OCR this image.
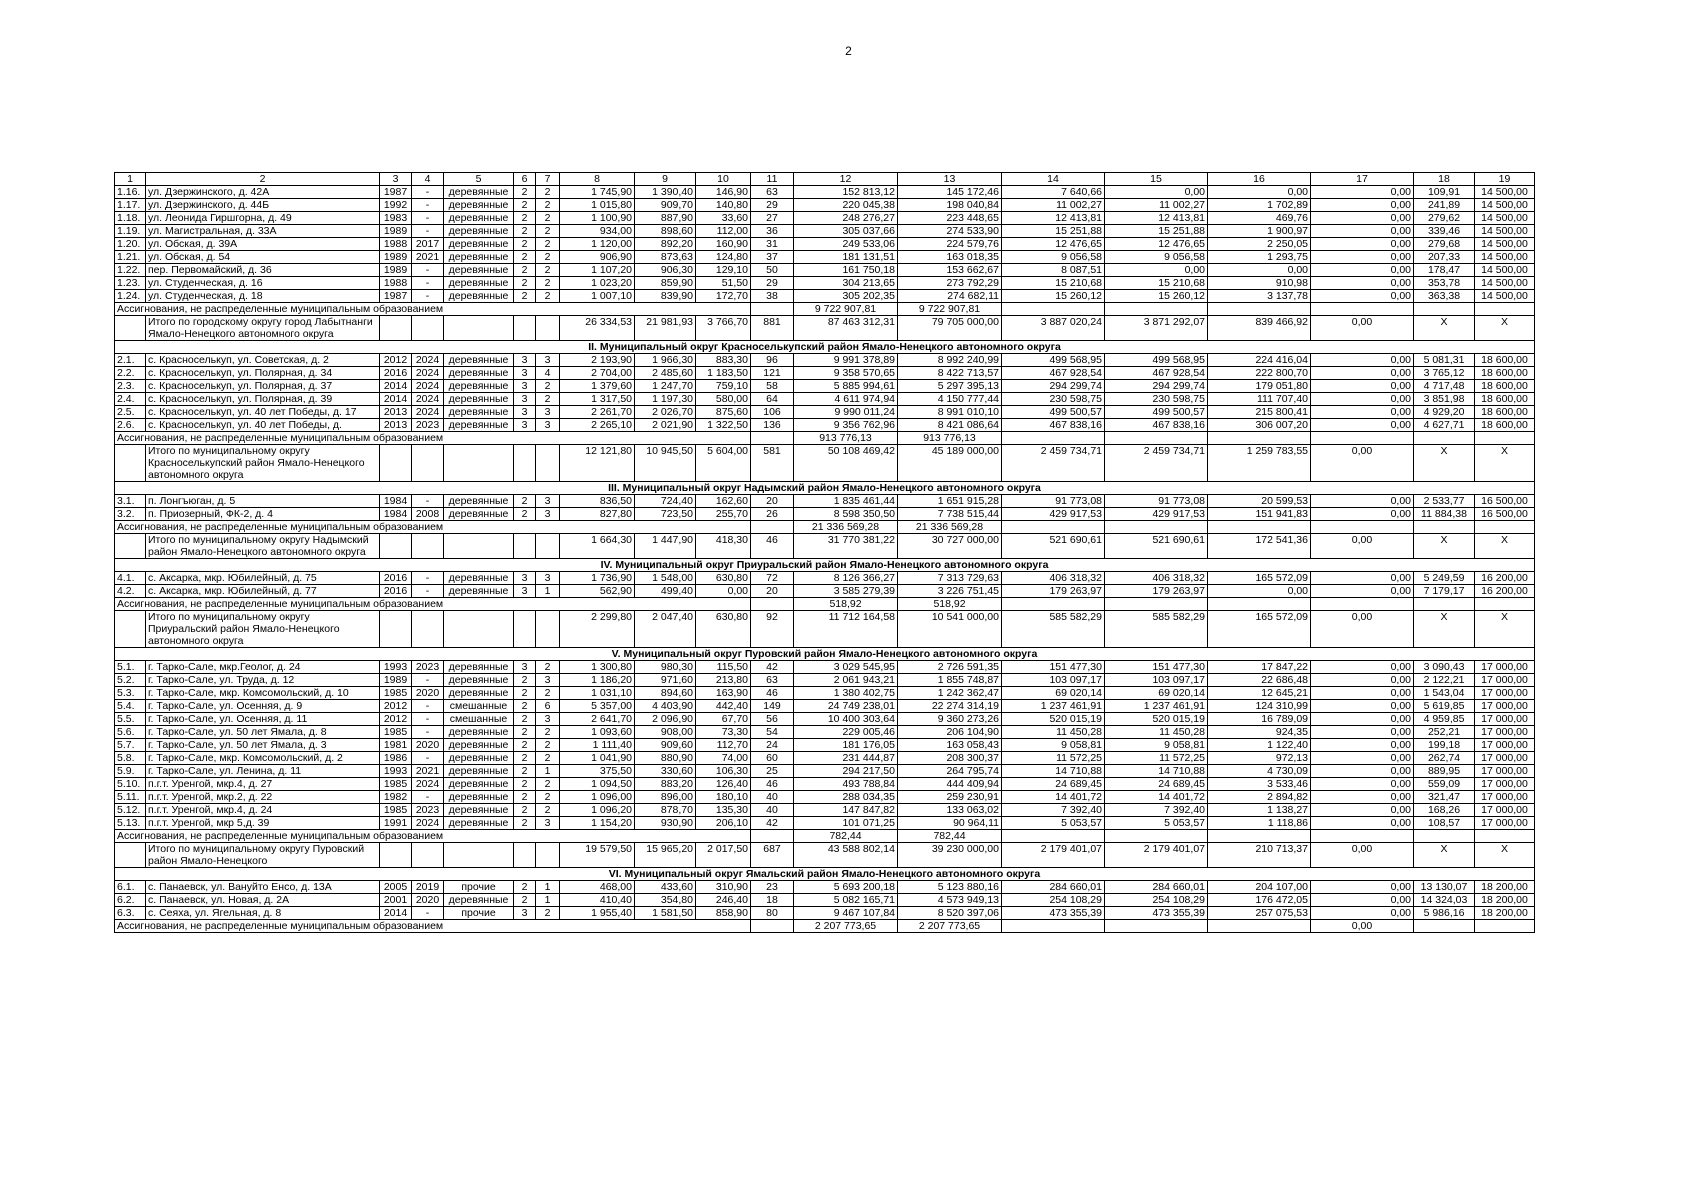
2
1	2	3	4	5	6	7	8	9	10	11	12	13	14	15	16	17	18	19
1.16.	ул. Дзержинского, д. 42А	1987	-	деревянные	2	2	1 745,90	1 390,40	146,90	63	152 813,12	145 172,46	7 640,66	0,00	0,00	0,00	109,91	14 500,00
1.17.	ул. Дзержинского, д. 44Б	1992	-	деревянные	2	2	1 015,80	909,70	140,80	29	220 045,38	198 040,84	11 002,27	11 002,27	1 702,89	0,00	241,89	14 500,00
1.18.	ул. Леонида Гиршгорна, д. 49	1983	-	деревянные	2	2	1 100,90	887,90	33,60	27	248 276,27	223 448,65	12 413,81	12 413,81	469,76	0,00	279,62	14 500,00
1.19.	ул. Магистральная, д. 33А	1989	-	деревянные	2	2	934,00	898,60	112,00	36	305 037,66	274 533,90	15 251,88	15 251,88	1 900,97	0,00	339,46	14 500,00
1.20.	ул. Обская, д. 39А	1988	2017	деревянные	2	2	1 120,00	892,20	160,90	31	249 533,06	224 579,76	12 476,65	12 476,65	2 250,05	0,00	279,68	14 500,00
1.21.	ул. Обская, д. 54	1989	2021	деревянные	2	2	906,90	873,63	124,80	37	181 131,51	163 018,35	9 056,58	9 056,58	1 293,75	0,00	207,33	14 500,00
1.22.	пер. Первомайский, д. 36	1989	-	деревянные	2	2	1 107,20	906,30	129,10	50	161 750,18	153 662,67	8 087,51	0,00	0,00	0,00	178,47	14 500,00
1.23.	ул. Студенческая, д. 16	1988	-	деревянные	2	2	1 023,20	859,90	51,50	29	304 213,65	273 792,29	15 210,68	15 210,68	910,98	0,00	353,78	14 500,00
1.24.	ул. Студенческая, д. 18	1987	-	деревянные	2	2	1 007,10	839,90	172,70	38	305 202,35	274 682,11	15 260,12	15 260,12	3 137,78	0,00	363,38	14 500,00
Ассигнования, не распределенные муниципальным образованием											9 722 907,81	9 722 907,81						
	Итого по городскому округу город Лабытнанги Ямало-Ненецкого автономного округа						26 334,53	21 981,93	3 766,70	881	87 463 312,31	79 705 000,00	3 887 020,24	3 871 292,07	839 466,92	0,00	X	X
II. Муниципальный округ Красноселькупский район Ямало-Ненецкого автономного округа																		
2.1.	с. Красноселькуп, ул. Советская, д. 2	2012	2024	деревянные	3	3	2 193,90	1 966,30	883,30	96	9 991 378,89	8 992 240,99	499 568,95	499 568,95	224 416,04	0,00	5 081,31	18 600,00
2.2.	с. Красноселькуп, ул. Полярная, д. 34	2016	2024	деревянные	3	4	2 704,00	2 485,60	1 183,50	121	9 358 570,65	8 422 713,57	467 928,54	467 928,54	222 800,70	0,00	3 765,12	18 600,00
2.3.	с. Красноселькуп, ул. Полярная, д. 37	2014	2024	деревянные	3	2	1 379,60	1 247,70	759,10	58	5 885 994,61	5 297 395,13	294 299,74	294 299,74	179 051,80	0,00	4 717,48	18 600,00
2.4.	с. Красноселькуп, ул. Полярная, д. 39	2014	2024	деревянные	3	2	1 317,50	1 197,30	580,00	64	4 611 974,94	4 150 777,44	230 598,75	230 598,75	111 707,40	0,00	3 851,98	18 600,00
2.5.	с. Красноселькуп, ул. 40 лет Победы, д. 17	2013	2024	деревянные	3	3	2 261,70	2 026,70	875,60	106	9 990 011,24	8 991 010,10	499 500,57	499 500,57	215 800,41	0,00	4 929,20	18 600,00
2.6.	с. Красноселькуп, ул. 40 лет Победы, д.	2013	2023	деревянные	3	3	2 265,10	2 021,90	1 322,50	136	9 356 762,96	8 421 086,64	467 838,16	467 838,16	306 007,20	0,00	4 627,71	18 600,00
Ассигнования, не распределенные муниципальным образованием											913 776,13	913 776,13						
	Итого по муниципальному округу Красноселькупский район Ямало-Ненецкого автономного округа						12 121,80	10 945,50	5 604,00	581	50 108 469,42	45 189 000,00	2 459 734,71	2 459 734,71	1 259 783,55	0,00	X	X
III. Муниципальный округ Надымский район Ямало-Ненецкого автономного округа																		
3.1.	п. Лонгъюган, д. 5	1984	-	деревянные	2	3	836,50	724,40	162,60	20	1 835 461,44	1 651 915,28	91 773,08	91 773,08	20 599,53	0,00	2 533,77	16 500,00
3.2.	п. Приозерный, ФК-2, д. 4	1984	2008	деревянные	2	3	827,80	723,50	255,70	26	8 598 350,50	7 738 515,44	429 917,53	429 917,53	151 941,83	0,00	11 884,38	16 500,00
Ассигнования, не распределенные муниципальным образованием											21 336 569,28	21 336 569,28						
	Итого по муниципальному округу Надымский район Ямало-Ненецкого автономного округа						1 664,30	1 447,90	418,30	46	31 770 381,22	30 727 000,00	521 690,61	521 690,61	172 541,36	0,00	X	X
IV. Муниципальный округ Приуральский район Ямало-Ненецкого автономного округа																		
4.1.	с. Аксарка, мкр. Юбилейный, д. 75	2016	-	деревянные	3	3	1 736,90	1 548,00	630,80	72	8 126 366,27	7 313 729,63	406 318,32	406 318,32	165 572,09	0,00	5 249,59	16 200,00
4.2.	с. Аксарка, мкр. Юбилейный, д. 77	2016	-	деревянные	3	1	562,90	499,40	0,00	20	3 585 279,39	3 226 751,45	179 263,97	179 263,97	0,00	0,00	7 179,17	16 200,00
Ассигнования, не распределенные муниципальным образованием											518,92	518,92						
	Итого по муниципальному округу Приуральский район Ямало-Ненецкого автономного округа						2 299,80	2 047,40	630,80	92	11 712 164,58	10 541 000,00	585 582,29	585 582,29	165 572,09	0,00	X	X
V. Муниципальный округ Пуровский район Ямало-Ненецкого автономного округа																		
5.1.	г. Тарко-Сале, мкр.Геолог, д. 24	1993	2023	деревянные	3	2	1 300,80	980,30	115,50	42	3 029 545,95	2 726 591,35	151 477,30	151 477,30	17 847,22	0,00	3 090,43	17 000,00
5.2.	г. Тарко-Сале, ул. Труда, д. 12	1989	-	деревянные	2	3	1 186,20	971,60	213,80	63	2 061 943,21	1 855 748,87	103 097,17	103 097,17	22 686,48	0,00	2 122,21	17 000,00
5.3.	г. Тарко-Сале, мкр. Комсомольский, д. 10	1985	2020	деревянные	2	2	1 031,10	894,60	163,90	46	1 380 402,75	1 242 362,47	69 020,14	69 020,14	12 645,21	0,00	1 543,04	17 000,00
5.4.	г. Тарко-Сале, ул. Осенняя, д. 9	2012	-	смешанные	2	6	5 357,00	4 403,90	442,40	149	24 749 238,01	22 274 314,19	1 237 461,91	1 237 461,91	124 310,99	0,00	5 619,85	17 000,00
5.5.	г. Тарко-Сале, ул. Осенняя, д. 11	2012	-	смешанные	2	3	2 641,70	2 096,90	67,70	56	10 400 303,64	9 360 273,26	520 015,19	520 015,19	16 789,09	0,00	4 959,85	17 000,00
5.6.	г. Тарко-Сале, ул. 50 лет Ямала, д. 8	1985	-	деревянные	2	2	1 093,60	908,00	73,30	54	229 005,46	206 104,90	11 450,28	11 450,28	924,35	0,00	252,21	17 000,00
5.7.	г. Тарко-Сале, ул. 50 лет Ямала, д. 3	1981	2020	деревянные	2	2	1 111,40	909,60	112,70	24	181 176,05	163 058,43	9 058,81	9 058,81	1 122,40	0,00	199,18	17 000,00
5.8.	г. Тарко-Сале, мкр. Комсомольский, д. 2	1986	-	деревянные	2	2	1 041,90	880,90	74,00	60	231 444,87	208 300,37	11 572,25	11 572,25	972,13	0,00	262,74	17 000,00
5.9.	г. Тарко-Сале, ул. Ленина, д. 11	1993	2021	деревянные	2	1	375,50	330,60	106,30	25	294 217,50	264 795,74	14 710,88	14 710,88	4 730,09	0,00	889,95	17 000,00
5.10.	п.г.т. Уренгой, мкр.4, д. 27	1985	2024	деревянные	2	2	1 094,50	883,20	126,40	46	493 788,84	444 409,94	24 689,45	24 689,45	3 533,46	0,00	559,09	17 000,00
5.11.	п.г.т. Уренгой, мкр.2, д. 22	1982	-	деревянные	2	2	1 096,00	896,00	180,10	40	288 034,35	259 230,91	14 401,72	14 401,72	2 894,82	0,00	321,47	17 000,00
5.12.	п.г.т. Уренгой, мкр.4, д. 24	1985	2023	деревянные	2	2	1 096,20	878,70	135,30	40	147 847,82	133 063,02	7 392,40	7 392,40	1 138,27	0,00	168,26	17 000,00
5.13.	п.г.т. Уренгой, мкр 5,д. 39	1991	2024	деревянные	2	3	1 154,20	930,90	206,10	42	101 071,25	90 964,11	5 053,57	5 053,57	1 118,86	0,00	108,57	17 000,00
Ассигнования, не распределенные муниципальным образованием											782,44	782,44						
	Итого по муниципальному округу Пуровский район Ямало-Ненецкого						19 579,50	15 965,20	2 017,50	687	43 588 802,14	39 230 000,00	2 179 401,07	2 179 401,07	210 713,37	0,00	X	X
VI. Муниципальный округ Ямальский район Ямало-Ненецкого автономного округа																		
6.1.	с. Панаевск, ул. Вануйто Енсо, д. 13А	2005	2019	прочие	2	1	468,00	433,60	310,90	23	5 693 200,18	5 123 880,16	284 660,01	284 660,01	204 107,00	0,00	13 130,07	18 200,00
6.2.	с. Панаевск, ул. Новая, д. 2А	2001	2020	деревянные	2	1	410,40	354,80	246,40	18	5 082 165,71	4 573 949,13	254 108,29	254 108,29	176 472,05	0,00	14 324,03	18 200,00
6.3.	с. Сеяха, ул. Ягельная, д. 8	2014	-	прочие	3	2	1 955,40	1 581,50	858,90	80	9 467 107,84	8 520 397,06	473 355,39	473 355,39	257 075,53	0,00	5 986,16	18 200,00
Ассигнования, не распределенные муниципальным образованием											2 207 773,65	2 207 773,65				0,00		
